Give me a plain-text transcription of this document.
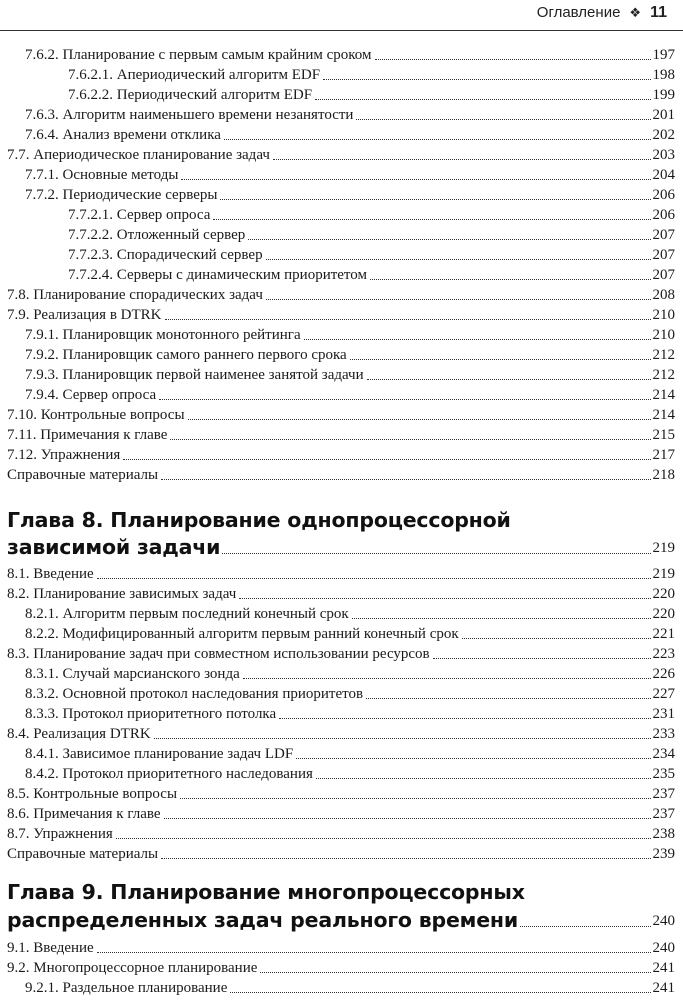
Оглавление ❖ 11
7.6.2. Планирование с первым самым крайним сроком	197
7.6.2.1. Апериодический алгоритм EDF	198
7.6.2.2. Периодический алгоритм EDF	199
7.6.3. Алгоритм наименьшего времени незанятости	201
7.6.4. Анализ времени отклика	202
7.7. Апериодическое планирование задач	203
7.7.1. Основные методы	204
7.7.2. Периодические серверы	206
7.7.2.1. Сервер опроса	206
7.7.2.2. Отложенный сервер	207
7.7.2.3. Спорадический сервер	207
7.7.2.4. Серверы с динамическим приоритетом	207
7.8. Планирование спорадических задач	208
7.9. Реализация в DTRK	210
7.9.1. Планировщик монотонного рейтинга	210
7.9.2. Планировщик самого раннего первого срока	212
7.9.3. Планировщик первой наименее занятой задачи	212
7.9.4. Сервер опроса	214
7.10. Контрольные вопросы	214
7.11. Примечания к главе	215
7.12. Упражнения	217
Справочные материалы	218
Глава 8. Планирование однопроцессорной
зависимой задачи	219
8.1. Введение	219
8.2. Планирование зависимых задач	220
8.2.1. Алгоритм первым последний конечный срок	220
8.2.2. Модифицированный алгоритм первым ранний конечный срок	221
8.3. Планирование задач при совместном использовании ресурсов	223
8.3.1. Случай марсианского зонда	226
8.3.2. Основной протокол наследования приоритетов	227
8.3.3. Протокол приоритетного потолка	231
8.4. Реализация DTRK	233
8.4.1. Зависимое планирование задач LDF	234
8.4.2. Протокол приоритетного наследования	235
8.5. Контрольные вопросы	237
8.6. Примечания к главе	237
8.7. Упражнения	238
Справочные материалы	239
Глава 9. Планирование многопроцессорных
распределенных задач реального времени	240
9.1. Введение	240
9.2. Многопроцессорное планирование	241
9.2.1. Раздельное планирование	241
